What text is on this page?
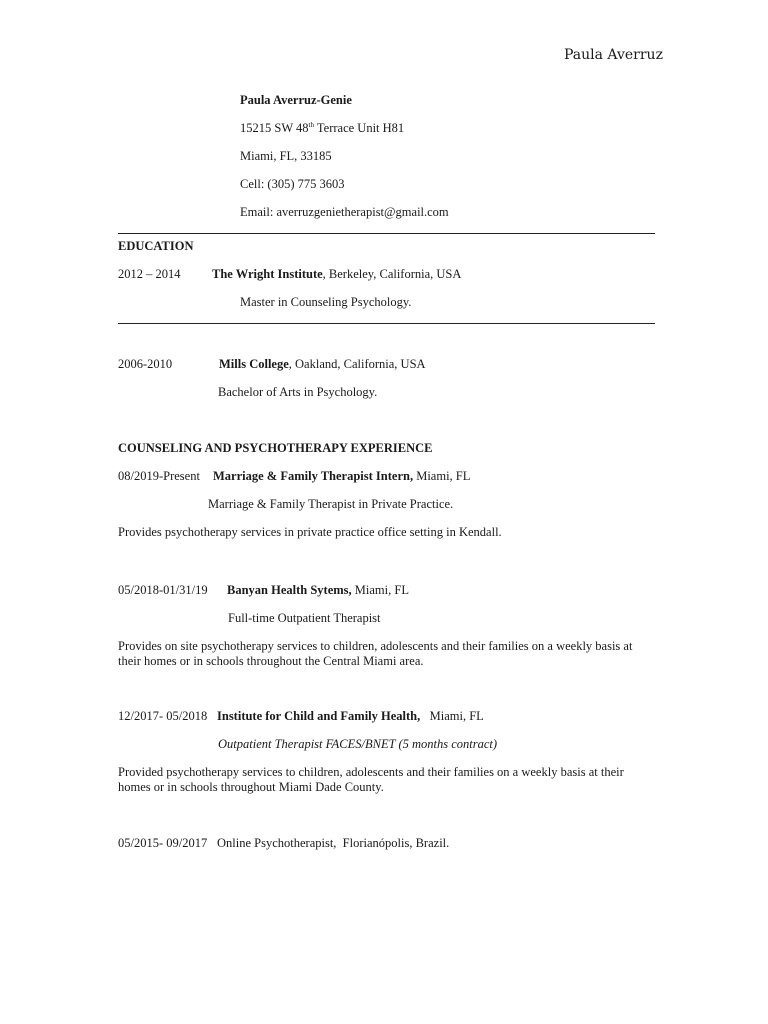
Paula Averruz
Paula Averruz-Genie
15215 SW 48th Terrace Unit H81
Miami, FL, 33185
Cell: (305) 775 3603
Email: averruzgenietherapist@gmail.com
EDUCATION
2012 – 2014	The Wright Institute, Berkeley, California, USA
Master in Counseling Psychology.
2006-2010	Mills College, Oakland, California, USA
Bachelor of Arts in Psychology.
COUNSELING AND PSYCHOTHERAPY EXPERIENCE
08/2019-Present Marriage & Family Therapist Intern, Miami, FL
Marriage & Family Therapist in Private Practice.
Provides psychotherapy services in private practice office setting in Kendall.
05/2018-01/31/19 Banyan Health Sytems, Miami, FL
Full-time Outpatient Therapist
Provides on site psychotherapy services to children, adolescents and their families on a weekly basis at their homes or in schools throughout the Central Miami area.
12/2017- 05/2018 Institute for Child and Family Health,   Miami, FL
Outpatient Therapist FACES/BNET (5 months contract)
Provided psychotherapy services to children, adolescents and their families on a weekly basis at their homes or in schools throughout Miami Dade County.
05/2015- 09/2017 Online Psychotherapist,  Florianópolis, Brazil.
